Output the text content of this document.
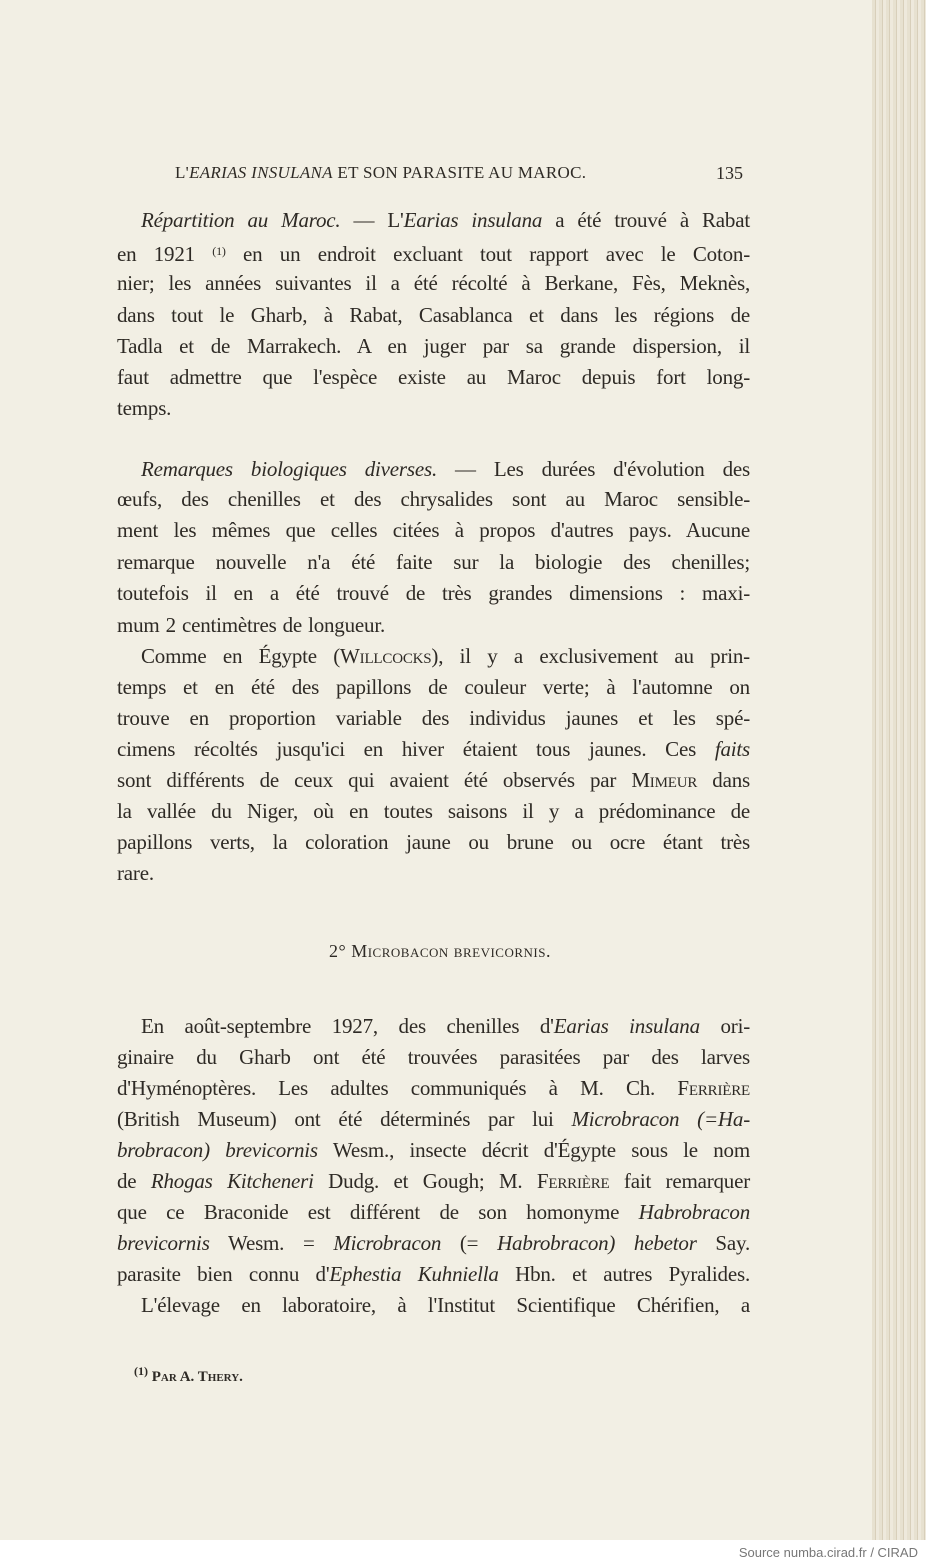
L'EARIAS INSULANA ET SON PARASITE AU MAROC.	135
Répartition au Maroc. — L'Earias insulana a été trouvé à Rabat
en 1921 $^{(1)}$ en un endroit excluant tout rapport avec le Coton-
nier; les années suivantes il a été récolté à Berkane, Fès, Meknès,
dans tout le Gharb, à Rabat, Casablanca et dans les régions de
Tadla et de Marrakech. A en juger par sa grande dispersion, il
faut admettre que l'espèce existe au Maroc depuis fort long-
temps.
Remarques biologiques diverses. — Les durées d'évolution des
œufs, des chenilles et des chrysalides sont au Maroc sensible-
ment les mêmes que celles citées à propos d'autres pays. Aucune
remarque nouvelle n'a été faite sur la biologie des chenilles;
toutefois il en a été trouvé de très grandes dimensions : maxi-
mum 2 centimètres de longueur.
Comme en Égypte (Willcocks), il y a exclusivement au prin-
temps et en été des papillons de couleur verte; à l'automne on
trouve en proportion variable des individus jaunes et les spé-
cimens récoltés jusqu'ici en hiver étaient tous jaunes. Ces faits
sont différents de ceux qui avaient été observés par Mimeur dans
la vallée du Niger, où en toutes saisons il y a prédominance de
papillons verts, la coloration jaune ou brune ou ocre étant très
rare.
En août-septembre 1927, des chenilles d'Earias insulana ori-
ginaire du Gharb ont été trouvées parasitées par des larves
d'Hyménoptères. Les adultes communiqués à M. Ch. Ferrière
(British Museum) ont été déterminés par lui Microbracon (=Ha-
brobracon) brevicornis Wesm., insecte décrit d'Égypte sous le nom
de Rhogas Kitcheneri Dudg. et Gough; M. Ferrière fait remarquer
que ce Braconide est différent de son homonyme Habrobracon
brevicornis Wesm. = Microbracon (= Habrobracon) hebetor Say.
parasite bien connu d'Ephestia Kuhniella Hbn. et autres Pyralides.
L'élevage en laboratoire, à l'Institut Scientifique Chérifien, a
2° Microbacon brevicornis.
$^{(1)}$ Par A. Thery.
Source numba.cirad.fr / CIRAD
